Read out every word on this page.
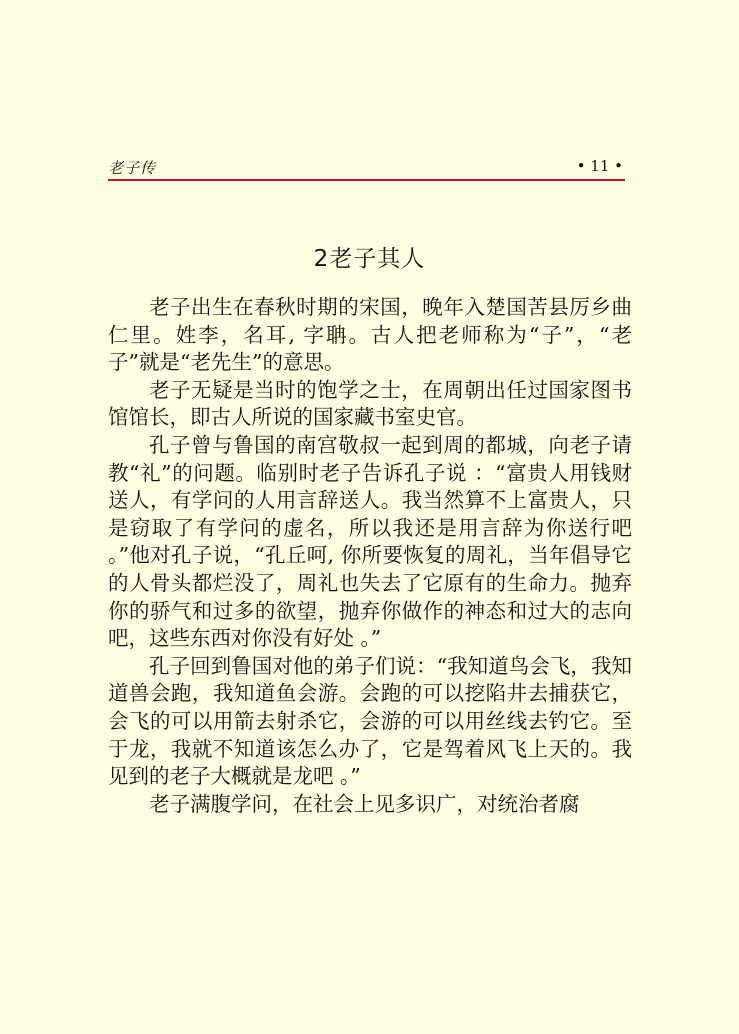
老子传	• 11 •
2老子其人

老子出生在春秋时期的宋国，晚年入楚国苦县厉乡曲仁里。姓李，名耳, 字聃。古人把老师称为“子”，“老子”就是“老先生”的意思。

老子无疑是当时的饱学之士，在周朝出任过国家图书馆馆长，即古人所说的国家藏书室史官。

孔子曾与鲁国的南宫敬叔一起到周的都城，向老子请教“礼”的问题。临别时老子告诉孔子说 ：“富贵人用钱财送人，有学问的人用言辞送人。我当然算不上富贵人，只是窃取了有学问的虚名，所以我还是用言辞为你送行吧 。”他对孔子说，“孔丘呵, 你所要恢复的周礼，当年倡导它的人骨头都烂没了，周礼也失去了它原有的生命力。抛弃你的骄气和过多的欲望，抛弃你做作的神态和过大的志向吧，这些东西对你没有好处 。”

孔子回到鲁国对他的弟子们说：“我知道鸟会飞，我知道兽会跑，我知道鱼会游。会跑的可以挖陷井去捕获它，会飞的可以用箭去射杀它，会游的可以用丝线去钓它。至于龙，我就不知道该怎么办了，它是驾着风飞上天的。我见到的老子大概就是龙吧 。”

老子满腹学问，在社会上见多识广，对统治者腐
